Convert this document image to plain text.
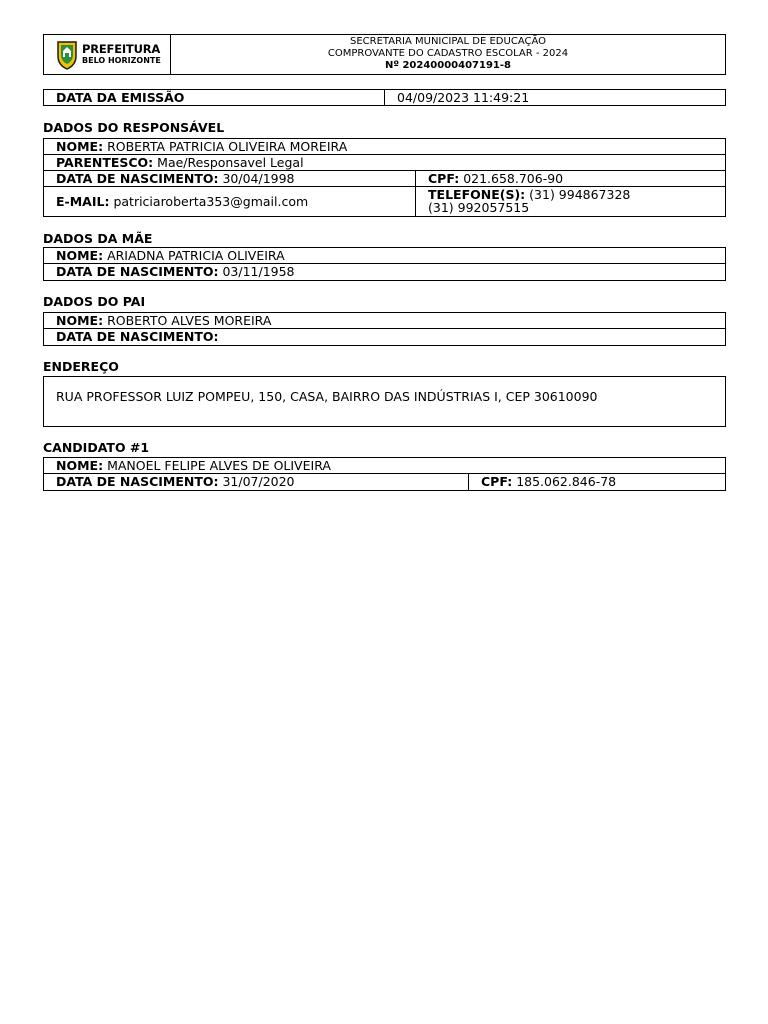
PREFEITURA
BELO HORIZONTE
SECRETARIA MUNICIPAL DE EDUCAÇÃO
COMPROVANTE DO CADASTRO ESCOLAR - 2024
Nº 20240000407191-8
DATA DA EMISSÃO	04/09/2023 11:49:21
DADOS DO RESPONSÁVEL
NOME: ROBERTA PATRICIA OLIVEIRA MOREIRA
PARENTESCO: Mae/Responsavel Legal
DATA DE NASCIMENTO: 30/04/1998	CPF: 021.658.706-90
E-MAIL: patriciaroberta353@gmail.com	TELEFONE(S): (31) 994867328
(31) 992057515
DADOS DA MÃE
NOME: ARIADNA PATRICIA OLIVEIRA
DATA DE NASCIMENTO: 03/11/1958
DADOS DO PAI
NOME: ROBERTO ALVES MOREIRA
DATA DE NASCIMENTO:
ENDEREÇO
RUA PROFESSOR LUIZ POMPEU, 150, CASA, BAIRRO DAS INDÚSTRIAS I, CEP 30610090
CANDIDATO #1
NOME: MANOEL FELIPE ALVES DE OLIVEIRA
DATA DE NASCIMENTO: 31/07/2020	CPF: 185.062.846-78
